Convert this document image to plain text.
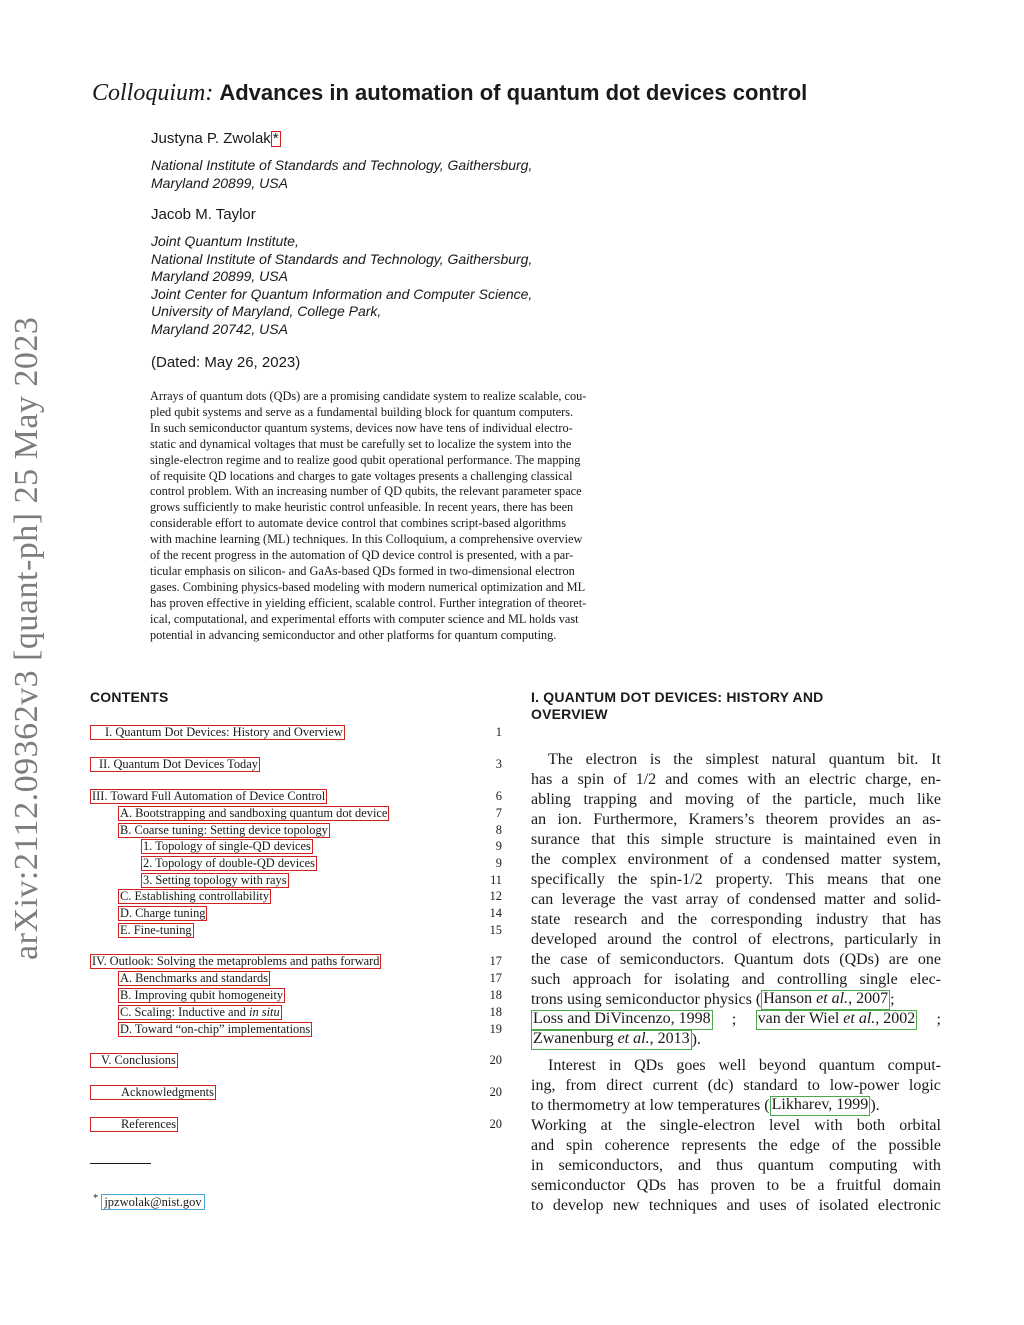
arXiv:2112.09362v3 [quant-ph] 25 May 2023
Colloquium: Advances in automation of quantum dot devices control
Justyna P. Zwolak *
National Institute of Standards and Technology, Gaithersburg,
Maryland 20899, USA
Jacob M. Taylor
Joint Quantum Institute,
National Institute of Standards and Technology, Gaithersburg,
Maryland 20899, USA
Joint Center for Quantum Information and Computer Science,
University of Maryland, College Park,
Maryland 20742, USA
(Dated: May 26, 2023)
Arrays of quantum dots (QDs) are a promising candidate system to realize scalable, cou-
pled qubit systems and serve as a fundamental building block for quantum computers.
In such semiconductor quantum systems, devices now have tens of individual electro-
static and dynamical voltages that must be carefully set to localize the system into the
single-electron regime and to realize good qubit operational performance. The mapping
of requisite QD locations and charges to gate voltages presents a challenging classical
control problem. With an increasing number of QD qubits, the relevant parameter space
grows sufficiently to make heuristic control unfeasible. In recent years, there has been
considerable effort to automate device control that combines script-based algorithms
with machine learning (ML) techniques. In this Colloquium, a comprehensive overview
of the recent progress in the automation of QD device control is presented, with a par-
ticular emphasis on silicon- and GaAs-based QDs formed in two-dimensional electron
gases. Combining physics-based modeling with modern numerical optimization and ML
has proven effective in yielding efficient, scalable control. Further integration of theoret-
ical, computational, and experimental efforts with computer science and ML holds vast
potential in advancing semiconductor and other platforms for quantum computing.
CONTENTS
I. Quantum Dot Devices: History and Overview	1
II. Quantum Dot Devices Today	3
III. Toward Full Automation of Device Control	6
A. Bootstrapping and sandboxing quantum dot device	7
B. Coarse tuning: Setting device topology	8
1. Topology of single-QD devices	9
2. Topology of double-QD devices	9
3. Setting topology with rays	11
C. Establishing controllability	12
D. Charge tuning	14
E. Fine-tuning	15
IV. Outlook: Solving the metaproblems and paths forward	17
A. Benchmarks and standards	17
B. Improving qubit homogeneity	18
C. Scaling: Inductive and in situ	18
D. Toward “on-chip” implementations	19
V. Conclusions	20
Acknowledgments	20
References	20
* jpzwolak@nist.gov
I. QUANTUM DOT DEVICES: HISTORY AND
OVERVIEW
The electron is the simplest natural quantum bit. It
has a spin of 1/2 and comes with an electric charge, en-
abling trapping and moving of the particle, much like
an ion. Furthermore, Kramers’s theorem provides an as-
surance that this simple structure is maintained even in
the complex environment of a condensed matter system,
specifically the spin-1/2 property. This means that one
can leverage the vast array of condensed matter and solid-
state research and the corresponding industry that has
developed around the control of electrons, particularly in
the case of semiconductors. Quantum dots (QDs) are one
such approach for isolating and controlling single elec-
trons using semiconductor physics ( Hanson et al., 2007 ;
Loss and DiVincenzo, 1998 ; van der Wiel et al., 2002 ;
Zwanenburg et al., 2013 ).
Interest in QDs goes well beyond quantum comput-
ing, from direct current (dc) standard to low-power logic
to thermometry at low temperatures ( Likharev, 1999 ).
Working at the single-electron level with both orbital
and spin coherence represents the edge of the possible
in semiconductors, and thus quantum computing with
semiconductor QDs has proven to be a fruitful domain
to develop new techniques and uses of isolated electronic
